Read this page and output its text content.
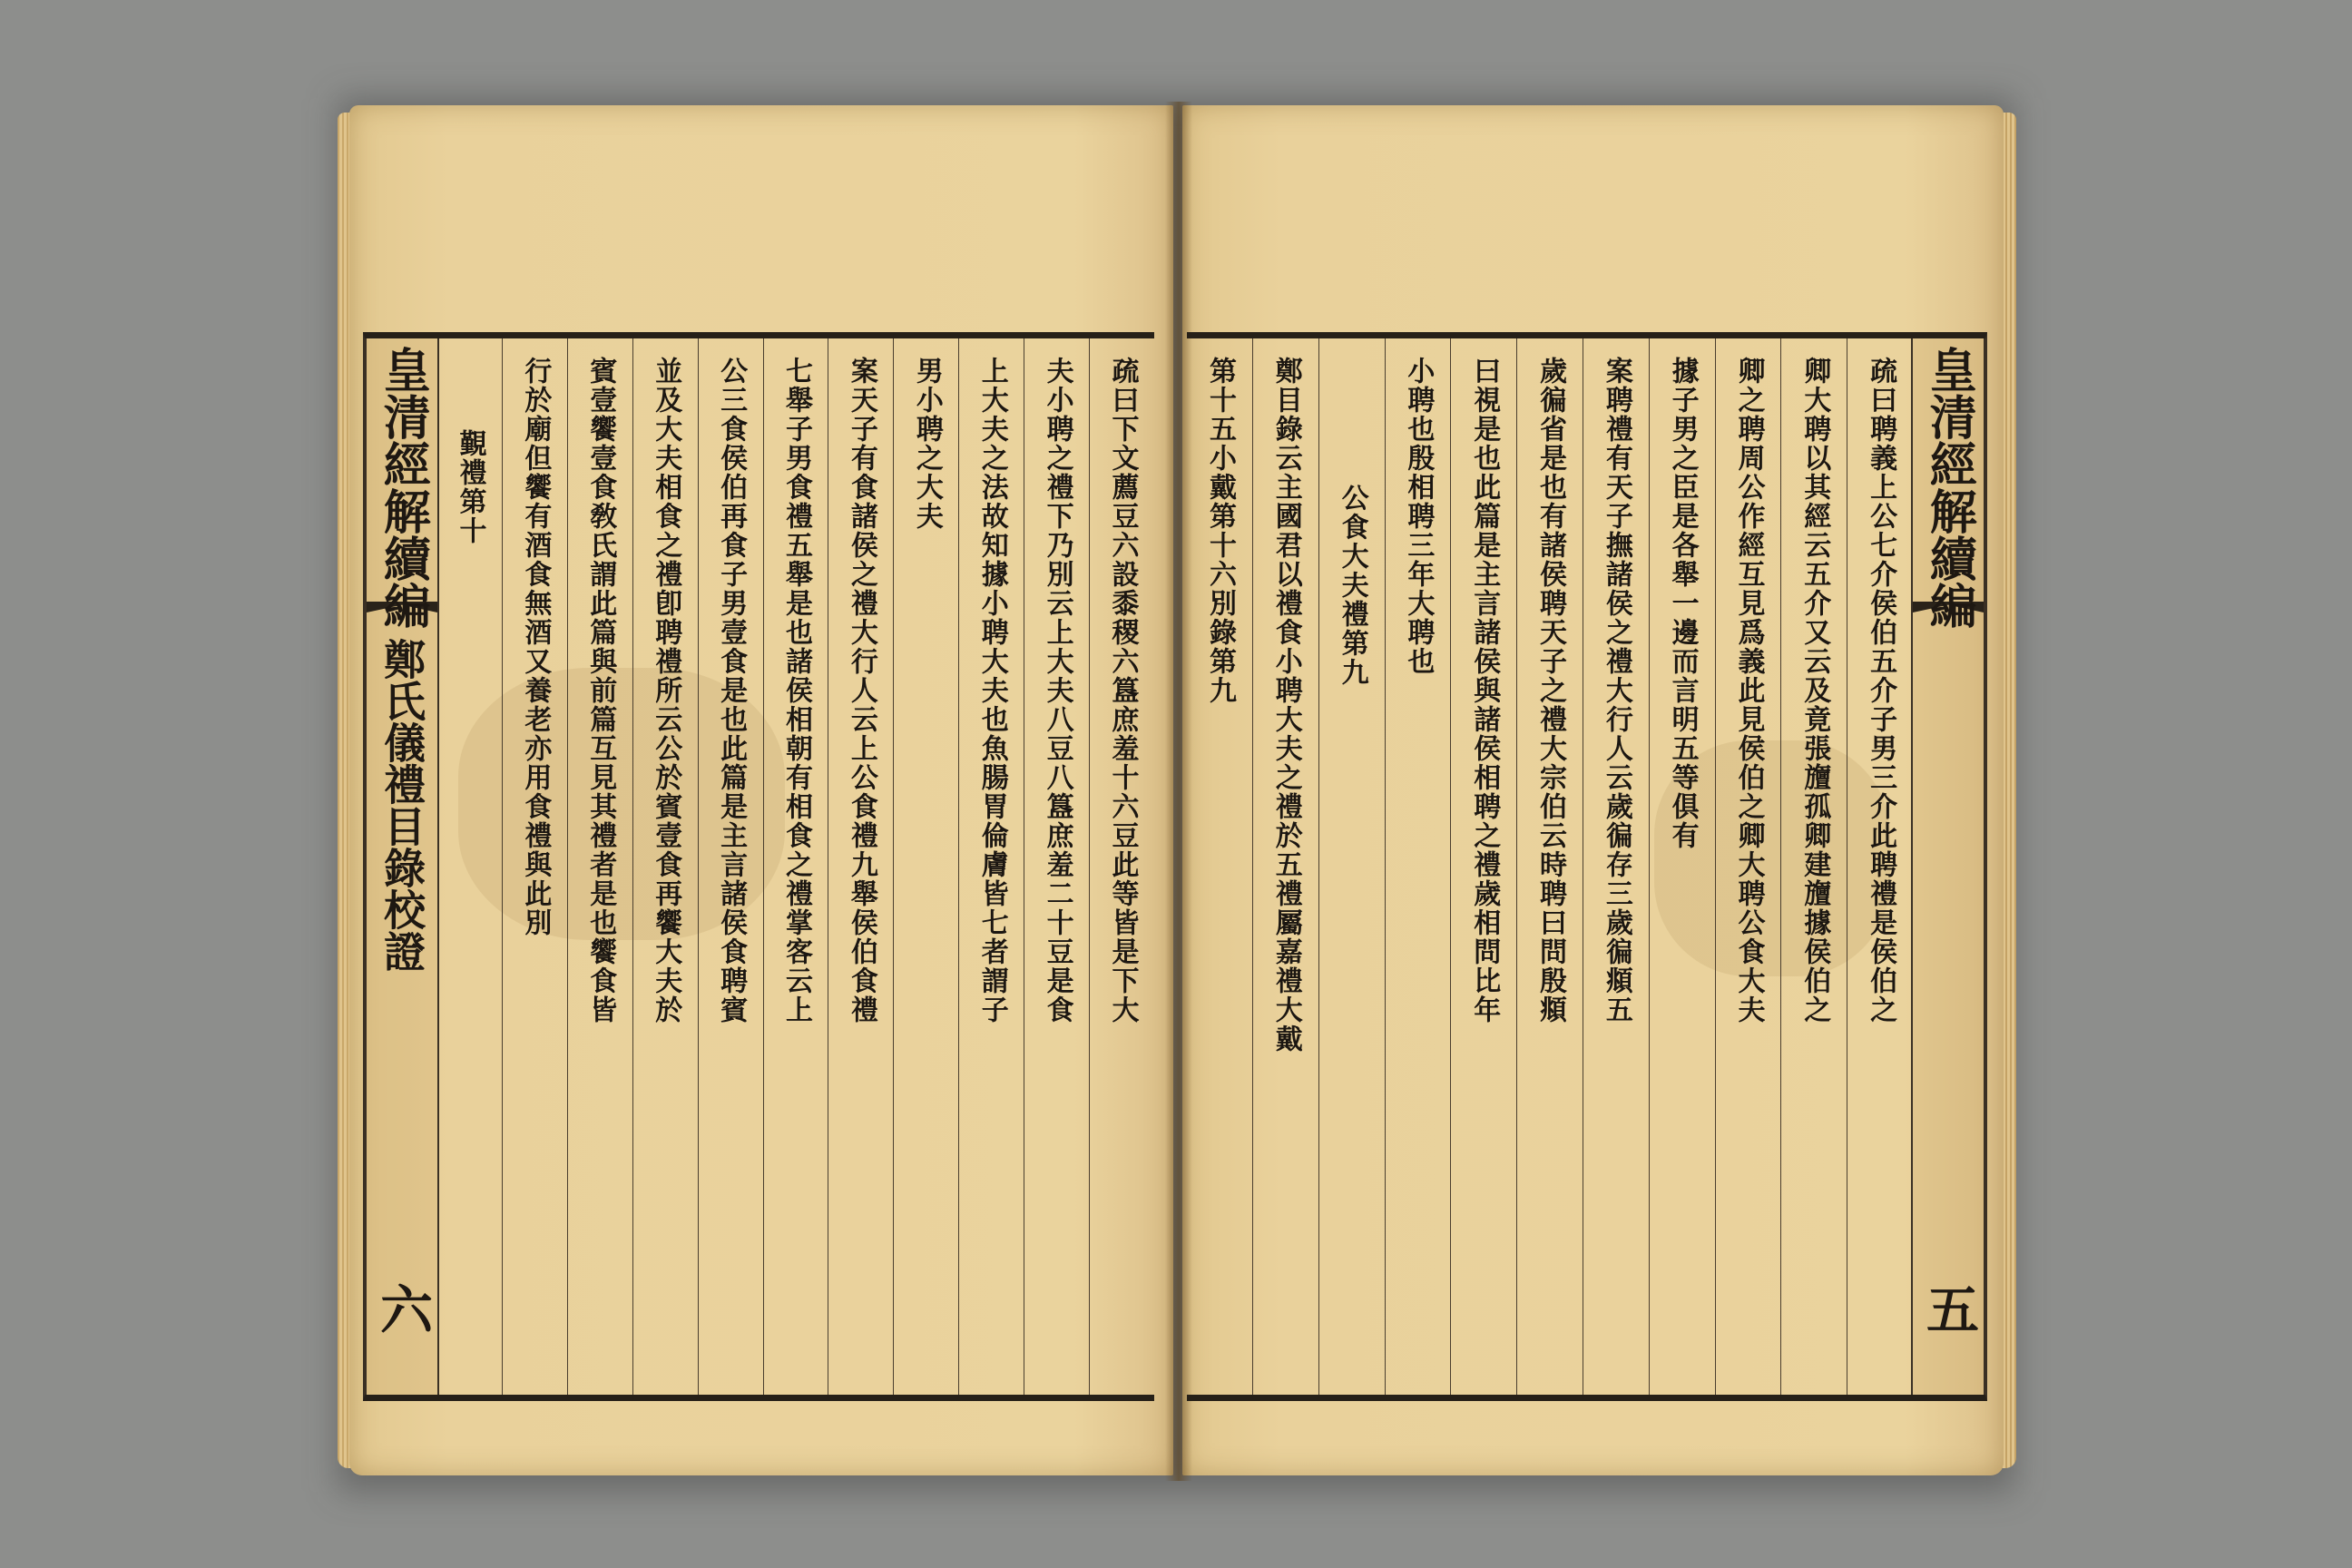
皇清經解續編
鄭氏儀禮目錄校證
六
疏曰下文薦豆六設黍稷六簋庶羞十六豆此等皆是下大
夫小聘之禮下乃別云上大夫八豆八簋庶羞二十豆是食
上大夫之法故知據小聘大夫也魚腸胃倫膚皆七者謂子
男小聘之大夫
案天子有食諸侯之禮大行人云上公食禮九舉侯伯食禮
七舉子男食禮五舉是也諸侯相朝有相食之禮掌客云上
公三食侯伯再食子男壹食是也此篇是主言諸侯食聘賓
並及大夫相食之禮卽聘禮所云公於賓壹食再饗大夫於
賓壹饗壹食敎氏謂此篇與前篇互見其禮者是也饗食皆
行於廟但饗有酒食無酒又養老亦用食禮與此別
覲禮第十	皇清經解續編
五
疏曰聘義上公七介侯伯五介子男三介此聘禮是侯伯之
卿大聘以其經云五介又云及竟張旜孤卿建旜據侯伯之
卿之聘周公作經互見爲義此見侯伯之卿大聘公食大夫
據子男之臣是各舉一邊而言明五等俱有
案聘禮有天子撫諸侯之禮大行人云歲徧存三歲徧頫五
歲徧省是也有諸侯聘天子之禮大宗伯云時聘曰問殷頫
曰視是也此篇是主言諸侯與諸侯相聘之禮歲相問比年
小聘也殷相聘三年大聘也
公食大夫禮第九
鄭目錄云主國君以禮食小聘大夫之禮於五禮屬嘉禮大戴
第十五小戴第十六別錄第九
